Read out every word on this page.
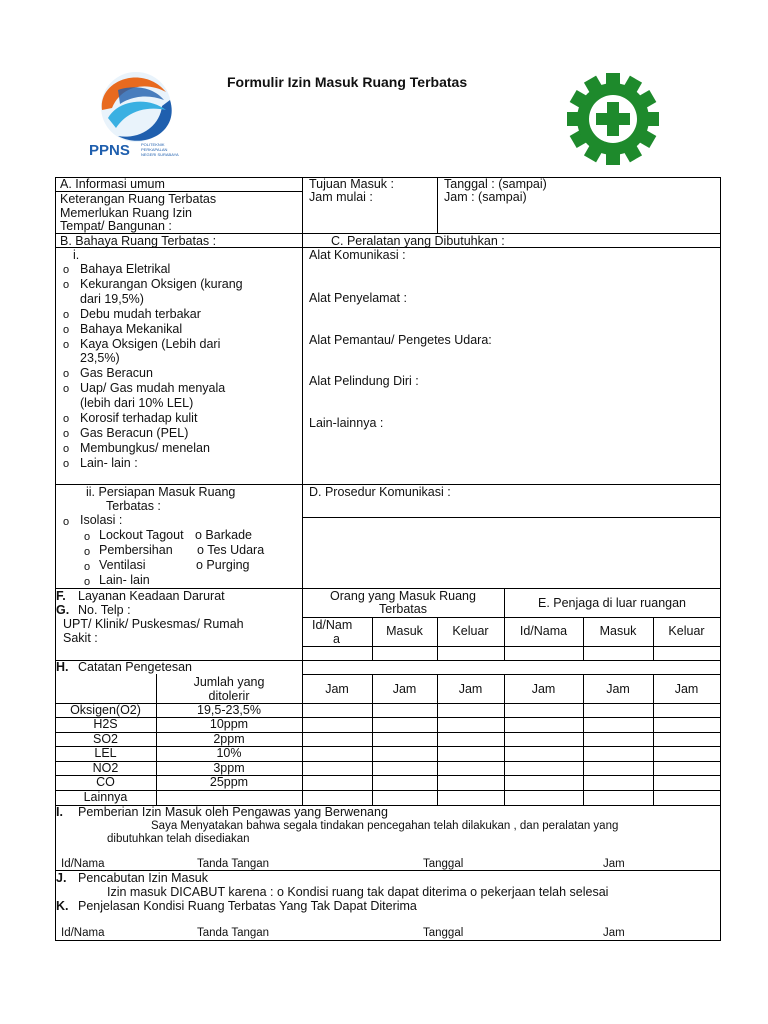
PPNS	POLITEKNIK
PERKAPALAN
NEGERI SURABAYA
Formulir Izin Masuk Ruang Terbatas
A. Informasi umum
Keterangan Ruang Terbatas
Memerlukan Ruang Izin
Tempat/ Bangunan :
Tujuan Masuk :
Jam mulai :
Tanggal : (sampai)
Jam : (sampai)
B. Bahaya Ruang Terbatas :
i.
o Bahaya Eletrikal
o Kekurangan Oksigen (kurang
dari 19,5%)
o Debu mudah terbakar
o Bahaya Mekanikal
o Kaya Oksigen (Lebih dari
23,5%)
o Gas Beracun
o Uap/ Gas mudah menyala
(lebih dari 10% LEL)
o Korosif terhadap kulit
o Gas Beracun (PEL)
o Membungkus/ menelan
o Lain- lain :
C. Peralatan yang Dibutuhkan :
Alat Komunikasi :
Alat Penyelamat :
Alat Pemantau/ Pengetes Udara:
Alat Pelindung Diri :
Lain-lainnya :
ii. Persiapan Masuk Ruang
Terbatas :
o Isolasi :
o Lockout Tagout o Barkade
o Pembersihan o Tes Udara
o Ventilasi	o Purging
o Lain- lain
D. Prosedur Komunikasi :
F. Layanan Keadaan Darurat
G. No. Telp :
UPT/ Klinik/ Puskesmas/ Rumah
Sakit :
Orang yang Masuk Ruang
Terbatas	E. Penjaga di luar ruangan
Id/Nam
a
Masuk	Keluar	Id/Nama	Masuk	Keluar
H. Catatan Pengetesan
Jumlah yang
ditolerir	Jam	Jam	Jam	Jam	Jam	Jam
Oksigen(O2)	19,5-23,5%
H2S	10ppm
SO2	2ppm
LEL	10%
NO2	3ppm
CO	25ppm
Lainnya
I. Pemberian Izin Masuk oleh Pengawas yang Berwenang
Saya Menyatakan bahwa segala tindakan pencegahan telah dilakukan , dan peralatan yang
dibutuhkan telah disediakan
Id/Nama	Tanda Tangan	Tanggal	Jam
J. Pencabutan Izin Masuk
Izin masuk DICABUT karena : o Kondisi ruang tak dapat diterima o pekerjaan telah selesai
K. Penjelasan Kondisi Ruang Terbatas Yang Tak Dapat Diterima
Id/Nama	Tanda Tangan	Tanggal	Jam
